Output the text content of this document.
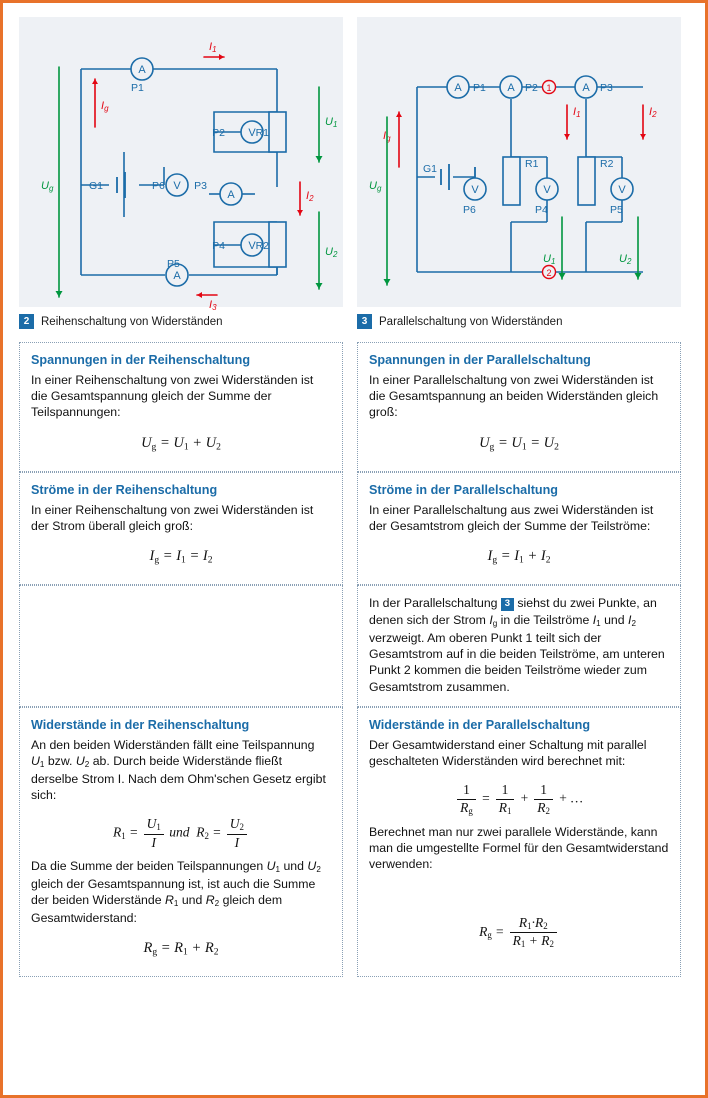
A
V
V
A
V
A
P1
P2	R1
P4	R2
P5
P6	P3
G1
I1
Ig
I2
I3
Ug
U1
U2
2	Reihenschaltung von Widerständen
A	A	A
V	V
V
1
2
P1	P2	P3
R1	R2
P4	P5
P6
G1
Ig
I1	I2
Ug
U1	U2
3	Parallelschaltung von Widerständen
Spannungen in der Reihenschaltung

In einer Reihenschaltung von zwei Widerständen ist die Gesamtspannung gleich der Summe der Teilspannungen:

$U_g = U_1 + U_2$
Spannungen in der Parallelschaltung

In einer Parallelschaltung von zwei Widerständen ist die Gesamtspannung an beiden Widerständen gleich groß:

$U_g = U_1 = U_2$
Ströme in der Reihenschaltung

In einer Reihenschaltung von zwei Widerständen ist der Strom überall gleich groß:

$I_g = I_1 = I_2$
Ströme in der Parallelschaltung

In einer Parallelschaltung aus zwei Widerständen ist der Gesamtstrom gleich der Summe der Teilströme:

$I_g = I_1 + I_2$

In der Parallelschaltung 3 siehst du zwei Punkte, an denen sich der Strom $I_g$ in die Teilströme $I_1$ und $I_2$ verzweigt. Am oberen Punkt 1 teilt sich der Gesamtstrom auf in die beiden Teilströme, am unteren Punkt 2 kommen die beiden Teilströme wieder zum Gesamtstrom zusammen.

Widerstände in der Reihenschaltung

An den beiden Widerständen fällt eine Teilspannung $U_1$ bzw. $U_2$ ab. Durch beide Widerstände fließt derselbe Strom I. Nach dem Ohm'schen Gesetz ergibt sich:

$R_1 = \frac{U_1}{I}$ und  $R_2 = \frac{U_2}{I}$

Da die Summe der beiden Teilspannungen $U_1$ und $U_2$ gleich der Gesamtspannung ist, ist auch die Summe der beiden Widerstände $R_1$ und $R_2$ gleich dem Gesamtwiderstand:

$R_g = R_1 + R_2$
Widerstände in der Parallelschaltung

Der Gesamtwiderstand einer Schaltung mit parallel geschalteten Widerständen wird berechnet mit:

$\frac{1}{R_g} = \frac{1}{R_1} + \frac{1}{R_2}$ + …

Berechnet man nur zwei parallele Widerstände, kann man die umgestellte Formel für den Gesamtwiderstand verwenden:

$R_g = \frac{R_1\cdot R_2}{R_1 + R_2}$
